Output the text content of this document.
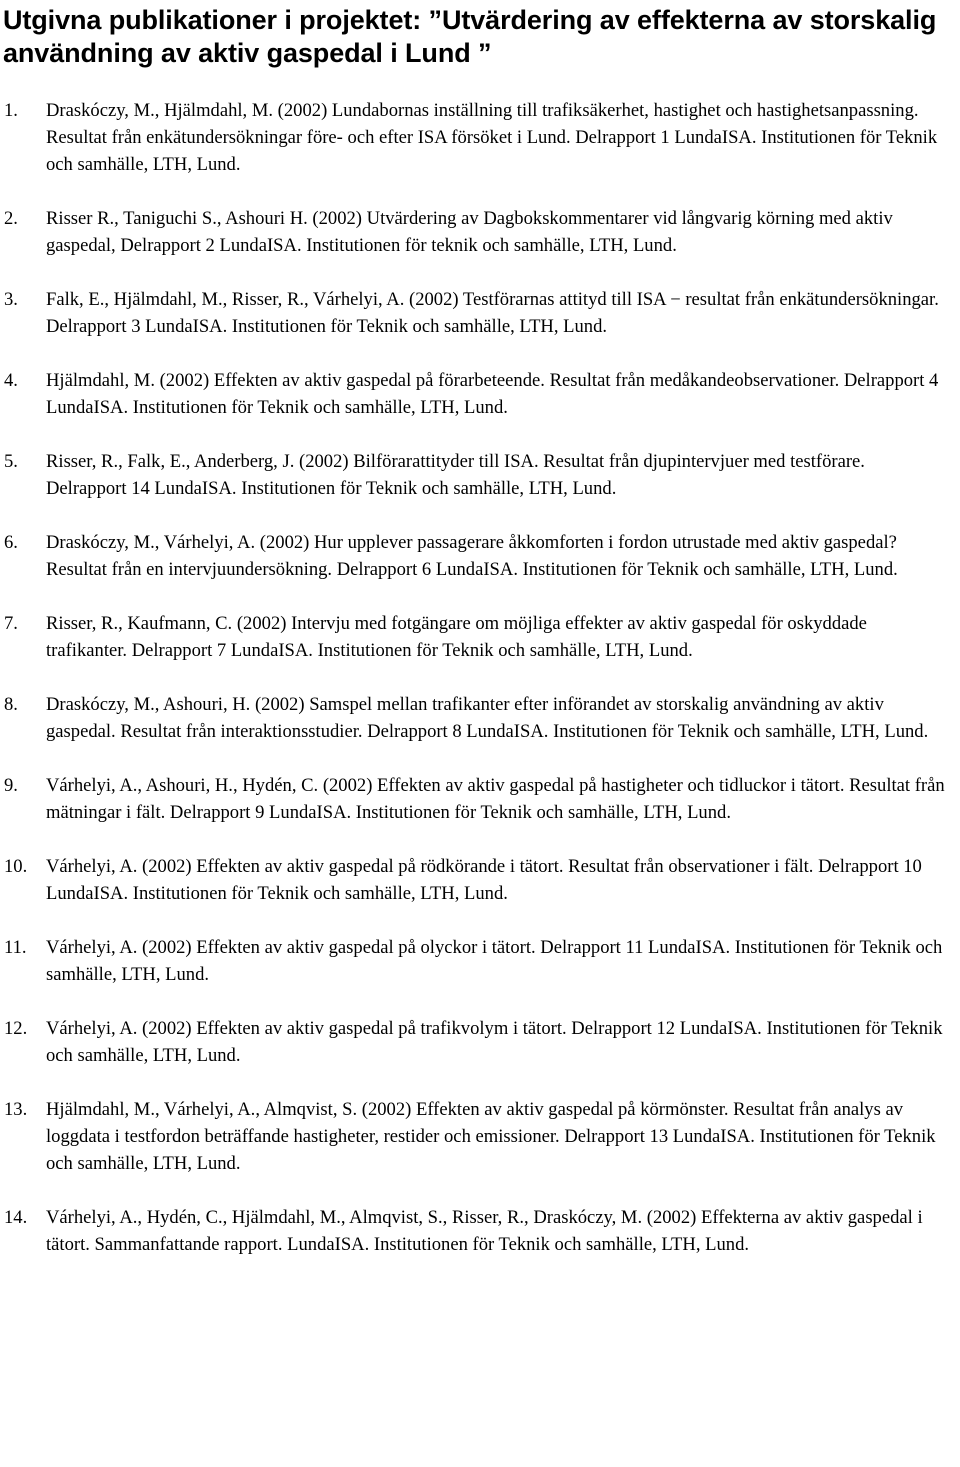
Utgivna publikationer i projektet: ”Utvärdering av effekterna av storskalig användning av aktiv gaspedal i Lund ”
1.	Draskóczy, M., Hjälmdahl, M. (2002) Lundabornas inställning till trafiksäkerhet, hastighet och hastighetsanpassning. Resultat från enkätundersökningar före- och efter ISA försöket i Lund. Delrapport 1 LundaISA. Institutionen för Teknik och samhälle, LTH, Lund.
2.	Risser R., Taniguchi S., Ashouri H. (2002) Utvärdering av Dagbokskommentarer vid långvarig körning med aktiv gaspedal, Delrapport 2 LundaISA. Institutionen för teknik och samhälle, LTH, Lund.
3.	Falk, E., Hjälmdahl, M., Risser, R., Várhelyi, A. (2002) Testförarnas attityd till ISA − resultat från enkätundersökningar. Delrapport 3 LundaISA. Institutionen för Teknik och samhälle, LTH, Lund.
4.	Hjälmdahl, M. (2002) Effekten av aktiv gaspedal på förarbeteende. Resultat från medåkandeobservationer. Delrapport 4 LundaISA. Institutionen för Teknik och samhälle, LTH, Lund.
5.	Risser, R., Falk, E., Anderberg, J. (2002) Bilförarattityder till ISA. Resultat från djupintervjuer med testförare. Delrapport 14 LundaISA. Institutionen för Teknik och samhälle, LTH, Lund.
6.	Draskóczy, M., Várhelyi, A. (2002) Hur upplever passagerare åkkomforten i fordon utrustade med aktiv gaspedal? Resultat från en intervjuundersökning. Delrapport 6 LundaISA. Institutionen för Teknik och samhälle, LTH, Lund.
7.	Risser, R., Kaufmann, C. (2002) Intervju med fotgängare om möjliga effekter av aktiv gaspedal för oskyddade trafikanter. Delrapport 7 LundaISA. Institutionen för Teknik och samhälle, LTH, Lund.
8.	Draskóczy, M., Ashouri, H. (2002) Samspel mellan trafikanter efter införandet av storskalig användning av aktiv gaspedal. Resultat från interaktionsstudier. Delrapport 8 LundaISA. Institutionen för Teknik och samhälle, LTH, Lund.
9.	Várhelyi, A., Ashouri, H., Hydén, C. (2002) Effekten av aktiv gaspedal på hastigheter och tidluckor i tätort. Resultat från mätningar i fält. Delrapport 9 LundaISA. Institutionen för Teknik och samhälle, LTH, Lund.
10.	Várhelyi, A. (2002) Effekten av aktiv gaspedal på rödkörande i tätort. Resultat från observationer i fält. Delrapport 10 LundaISA. Institutionen för Teknik och samhälle, LTH, Lund.
11.	Várhelyi, A. (2002) Effekten av aktiv gaspedal på olyckor i tätort. Delrapport 11 LundaISA. Institutionen för Teknik och samhälle, LTH, Lund.
12.	Várhelyi, A. (2002) Effekten av aktiv gaspedal på trafikvolym i tätort. Delrapport 12 LundaISA. Institutionen för Teknik och samhälle, LTH, Lund.
13.	Hjälmdahl, M., Várhelyi, A., Almqvist, S. (2002) Effekten av aktiv gaspedal på körmönster. Resultat från analys av loggdata i testfordon beträffande hastigheter, restider och emissioner. Delrapport 13 LundaISA. Institutionen för Teknik och samhälle, LTH, Lund.
14.	Várhelyi, A., Hydén, C., Hjälmdahl, M., Almqvist, S., Risser, R., Draskóczy, M. (2002) Effekterna av aktiv gaspedal i tätort. Sammanfattande rapport. LundaISA. Institutionen för Teknik och samhälle, LTH, Lund.
